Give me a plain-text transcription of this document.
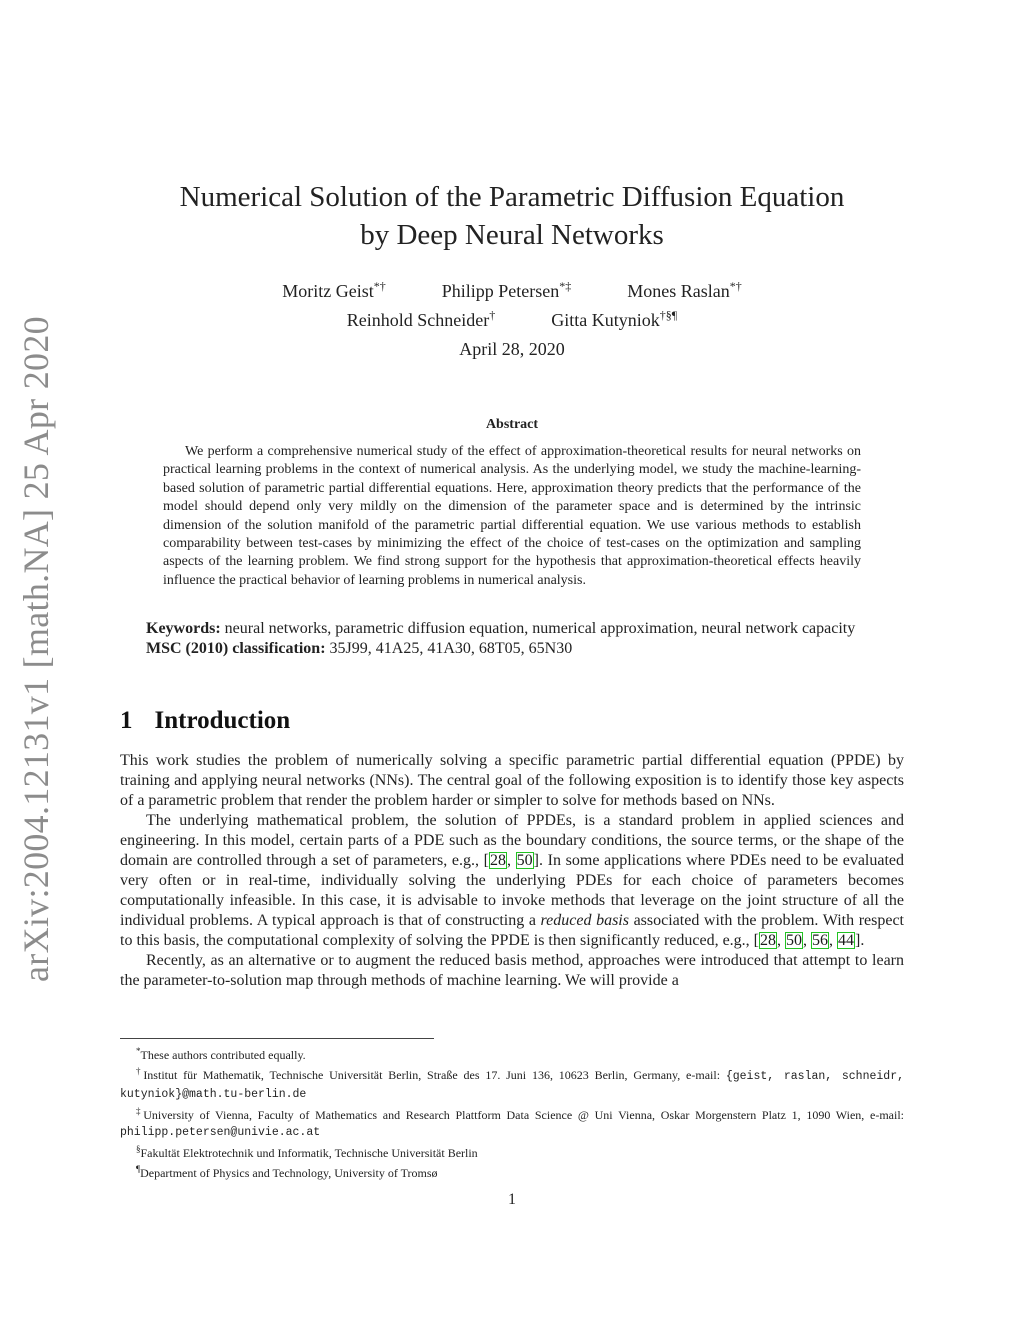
arXiv:2004.12131v1 [math.NA] 25 Apr 2020
Numerical Solution of the Parametric Diffusion Equation
by Deep Neural Networks
Moritz Geist*†	Philipp Petersen*‡	Mones Raslan*†
Reinhold Schneider†	Gitta Kutyniok†§¶
April 28, 2020
Abstract

We perform a comprehensive numerical study of the effect of approximation-theoretical results for neural networks on practical learning problems in the context of numerical analysis. As the underlying model, we study the machine-learning-based solution of parametric partial differential equations. Here, approximation theory predicts that the performance of the model should depend only very mildly on the dimension of the parameter space and is determined by the intrinsic dimension of the solution manifold of the parametric partial differential equation. We use various methods to establish comparability between test-cases by minimizing the effect of the choice of test-cases on the optimization and sampling aspects of the learning problem. We find strong support for the hypothesis that approximation-theoretical effects heavily influence the practical behavior of learning problems in numerical analysis.

Keywords: neural networks, parametric diffusion equation, numerical approximation, neural network capacity

MSC (2010) classification: 35J99, 41A25, 41A30, 68T05, 65N30

1 Introduction

This work studies the problem of numerically solving a specific parametric partial differential equation (PPDE) by training and applying neural networks (NNs). The central goal of the following exposition is to identify those key aspects of a parametric problem that render the problem harder or simpler to solve for methods based on NNs.

The underlying mathematical problem, the solution of PPDEs, is a standard problem in applied sciences and engineering. In this model, certain parts of a PDE such as the boundary conditions, the source terms, or the shape of the domain are controlled through a set of parameters, e.g., [28, 50]. In some applications where PDEs need to be evaluated very often or in real-time, individually solving the underlying PDEs for each choice of parameters becomes computationally infeasible. In this case, it is advisable to invoke methods that leverage on the joint structure of all the individual problems. A typical approach is that of constructing a reduced basis associated with the problem. With respect to this basis, the computational complexity of solving the PPDE is then significantly reduced, e.g., [28, 50, 56, 44].

Recently, as an alternative or to augment the reduced basis method, approaches were introduced that attempt to learn the parameter-to-solution map through methods of machine learning. We will provide a

*These authors contributed equally.

†Institut für Mathematik, Technische Universität Berlin, Straße des 17. Juni 136, 10623 Berlin, Germany, e-mail: {geist, raslan, schneidr, kutyniok}@math.tu-berlin.de

‡University of Vienna, Faculty of Mathematics and Research Plattform Data Science @ Uni Vienna, Oskar Morgenstern Platz 1, 1090 Wien, e-mail: philipp.petersen@univie.ac.at

§Fakultät Elektrotechnik und Informatik, Technische Universität Berlin

¶Department of Physics and Technology, University of Tromsø

1
